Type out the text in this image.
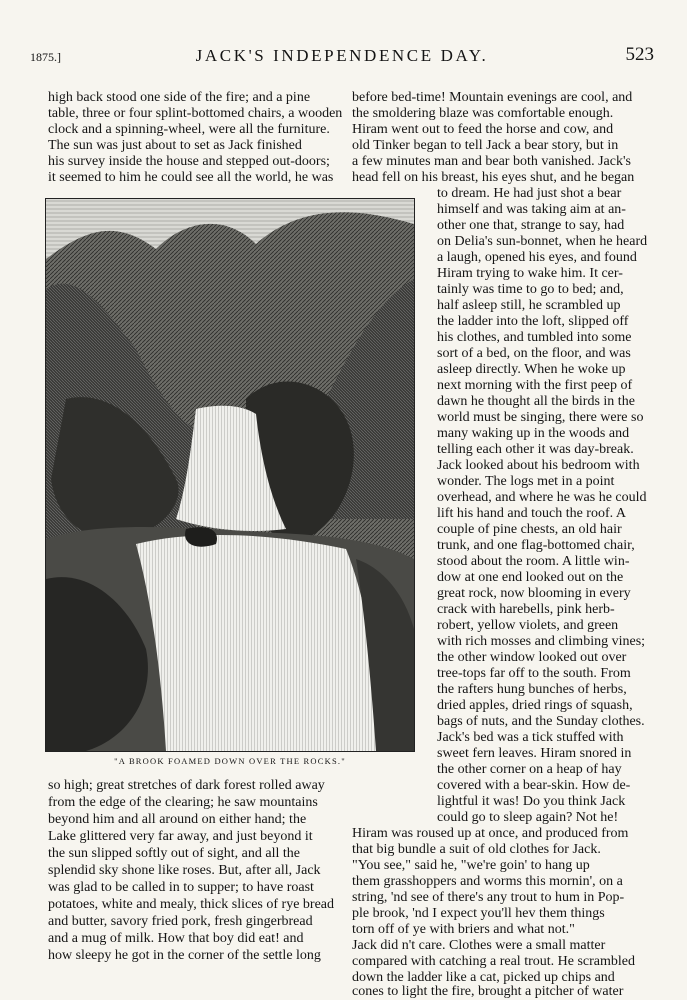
1875.]	JACK'S INDEPENDENCE DAY.	523
high back stood one side of the fire; and a pine
table, three or four splint-bottomed chairs, a wooden
clock and a spinning-wheel, were all the furniture.
The sun was just about to set as Jack finished
his survey inside the house and stepped out-doors;
it seemed to him he could see all the world, he was
so high; great stretches of dark forest rolled away
from the edge of the clearing; he saw mountains
beyond him and all around on either hand; the
Lake glittered very far away, and just beyond it
the sun slipped softly out of sight, and all the
splendid sky shone like roses. But, after all, Jack
was glad to be called in to supper; to have roast
potatoes, white and mealy, thick slices of rye bread
and butter, savory fried pork, fresh gingerbread
and a mug of milk. How that boy did eat! and
how sleepy he got in the corner of the settle long
"A BROOK FOAMED DOWN OVER THE ROCKS."
before bed-time! Mountain evenings are cool, and
the smoldering blaze was comfortable enough.
Hiram went out to feed the horse and cow, and
old Tinker began to tell Jack a bear story, but in
a few minutes man and bear both vanished. Jack's
head fell on his breast, his eyes shut, and he began
to dream. He had just shot a bear
himself and was taking aim at an-
other one that, strange to say, had
on Delia's sun-bonnet, when he heard
a laugh, opened his eyes, and found
Hiram trying to wake him. It cer-
tainly was time to go to bed; and,
half asleep still, he scrambled up
the ladder into the loft, slipped off
his clothes, and tumbled into some
sort of a bed, on the floor, and was
asleep directly. When he woke up
next morning with the first peep of
dawn he thought all the birds in the
world must be singing, there were so
many waking up in the woods and
telling each other it was day-break.
Jack looked about his bedroom with
wonder. The logs met in a point
overhead, and where he was he could
lift his hand and touch the roof. A
couple of pine chests, an old hair
trunk, and one flag-bottomed chair,
stood about the room. A little win-
dow at one end looked out on the
great rock, now blooming in every
crack with harebells, pink herb-
robert, yellow violets, and green
with rich mosses and climbing vines;
the other window looked out over
tree-tops far off to the south. From
the rafters hung bunches of herbs,
dried apples, dried rings of squash,
bags of nuts, and the Sunday clothes.
Jack's bed was a tick stuffed with
sweet fern leaves. Hiram snored in
the other corner on a heap of hay
covered with a bear-skin. How de-
lightful it was! Do you think Jack
could go to sleep again? Not he!
Hiram was roused up at once, and produced from
that big bundle a suit of old clothes for Jack.
"You see," said he, "we're goin' to hang up
them grasshoppers and worms this mornin', on a
string, 'nd see of there's any trout to hum in Pop-
ple brook, 'nd I expect you'll hev them things
torn off of ye with briers and what not."
Jack did n't care. Clothes were a small matter
compared with catching a real trout. He scrambled
down the ladder like a cat, picked up chips and
cones to light the fire, brought a pitcher of water
